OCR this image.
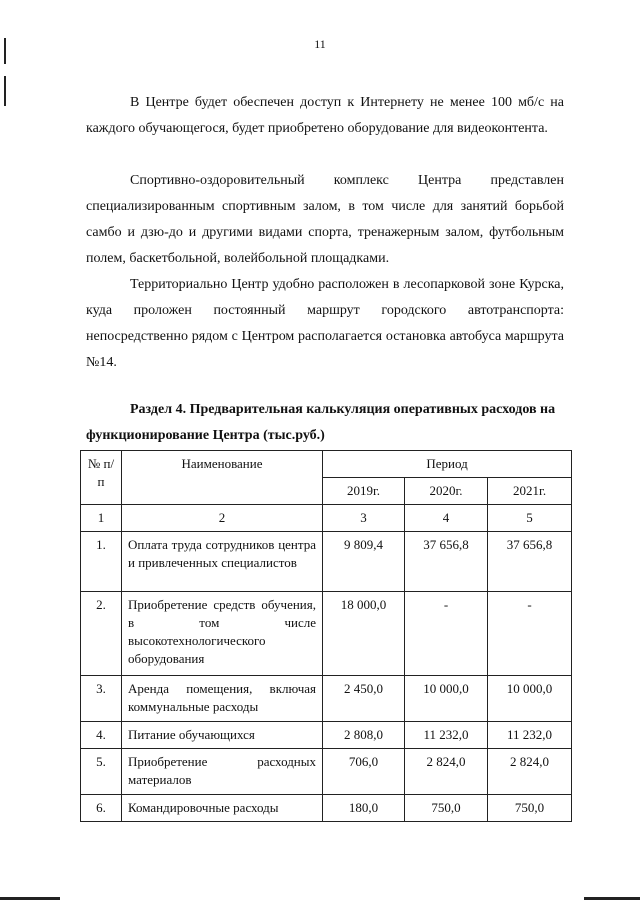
11

В Центре будет обеспечен доступ к Интернету не менее 100 мб/с на каждого обучающегося, будет приобретено оборудование для видеоконтента.

Спортивно-оздоровительный комплекс Центра представлен специализированным спортивным залом, в том числе для занятий борьбой самбо и дзю-до и другими видами спорта, тренажерным залом, футбольным полем, баскетбольной, волейбольной площадками.

Территориально Центр удобно расположен в лесопарковой зоне Курска, куда проложен постоянный маршрут городского автотранспорта: непосредственно рядом с Центром располагается остановка автобуса маршрута №14.

Раздел 4. Предварительная калькуляция оперативных расходов на функционирование Центра (тыс.руб.)

№ п/п	Наименование	Период		
		2019г.	2020г.	2021г.
1	2	3	4	5
1.	Оплата труда сотрудников центра и привлеченных специалистов	9 809,4	37 656,8	37 656,8
2.	Приобретение средств обучения, в том числе высокотехнологического оборудования	18 000,0	-	-
3.	Аренда помещения, включая коммунальные расходы	2 450,0	10 000,0	10 000,0
4.	Питание обучающихся	2 808,0	11 232,0	11 232,0
5.	Приобретение расходных материалов	706,0	2 824,0	2 824,0
6.	Командировочные расходы	180,0	750,0	750,0
